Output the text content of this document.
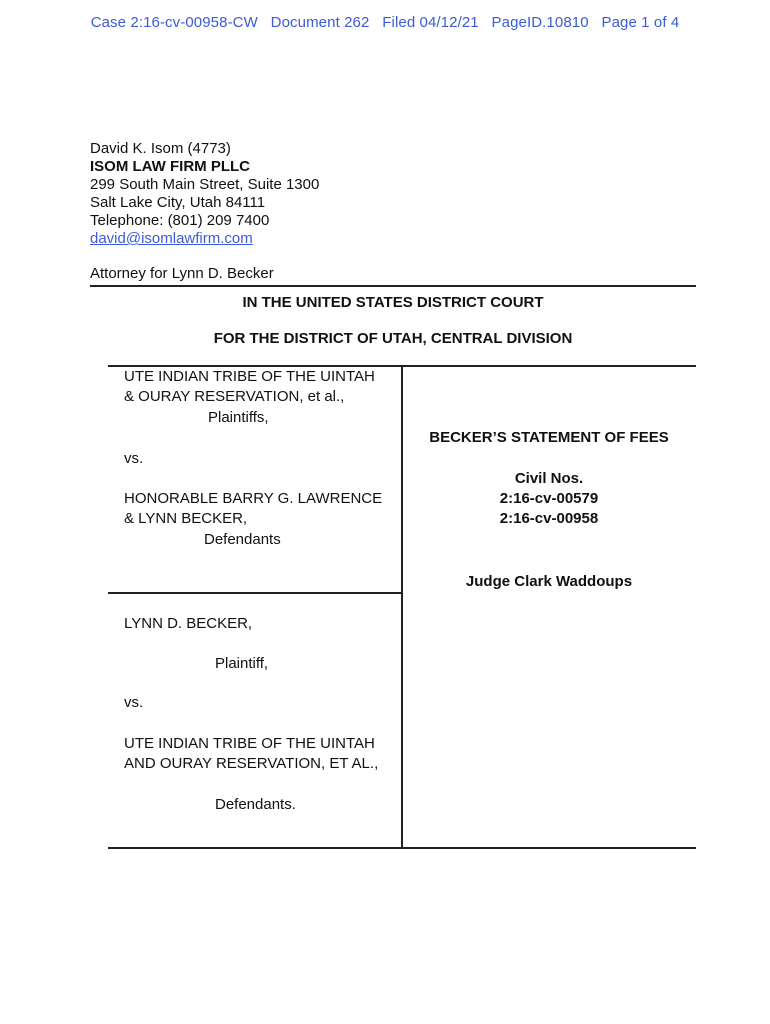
Case 2:16-cv-00958-CW Document 262 Filed 04/12/21 PageID.10810 Page 1 of 4
David K. Isom (4773)
ISOM LAW FIRM PLLC
299 South Main Street, Suite 1300
Salt Lake City, Utah 84111
Telephone: (801) 209 7400
david@isomlawfirm.com
Attorney for Lynn D. Becker
IN THE UNITED STATES DISTRICT COURT
FOR THE DISTRICT OF UTAH, CENTRAL DIVISION
UTE INDIAN TRIBE OF THE UINTAH
& OURAY RESERVATION, et al.,
Plaintiffs,
vs.
HONORABLE BARRY G. LAWRENCE
& LYNN BECKER,
Defendants
LYNN D. BECKER,
Plaintiff,
vs.
UTE INDIAN TRIBE OF THE UINTAH
AND OURAY RESERVATION, ET AL.,
Defendants.
BECKER’S STATEMENT OF FEES
Civil Nos.
2:16-cv-00579
2:16-cv-00958
Judge Clark Waddoups
